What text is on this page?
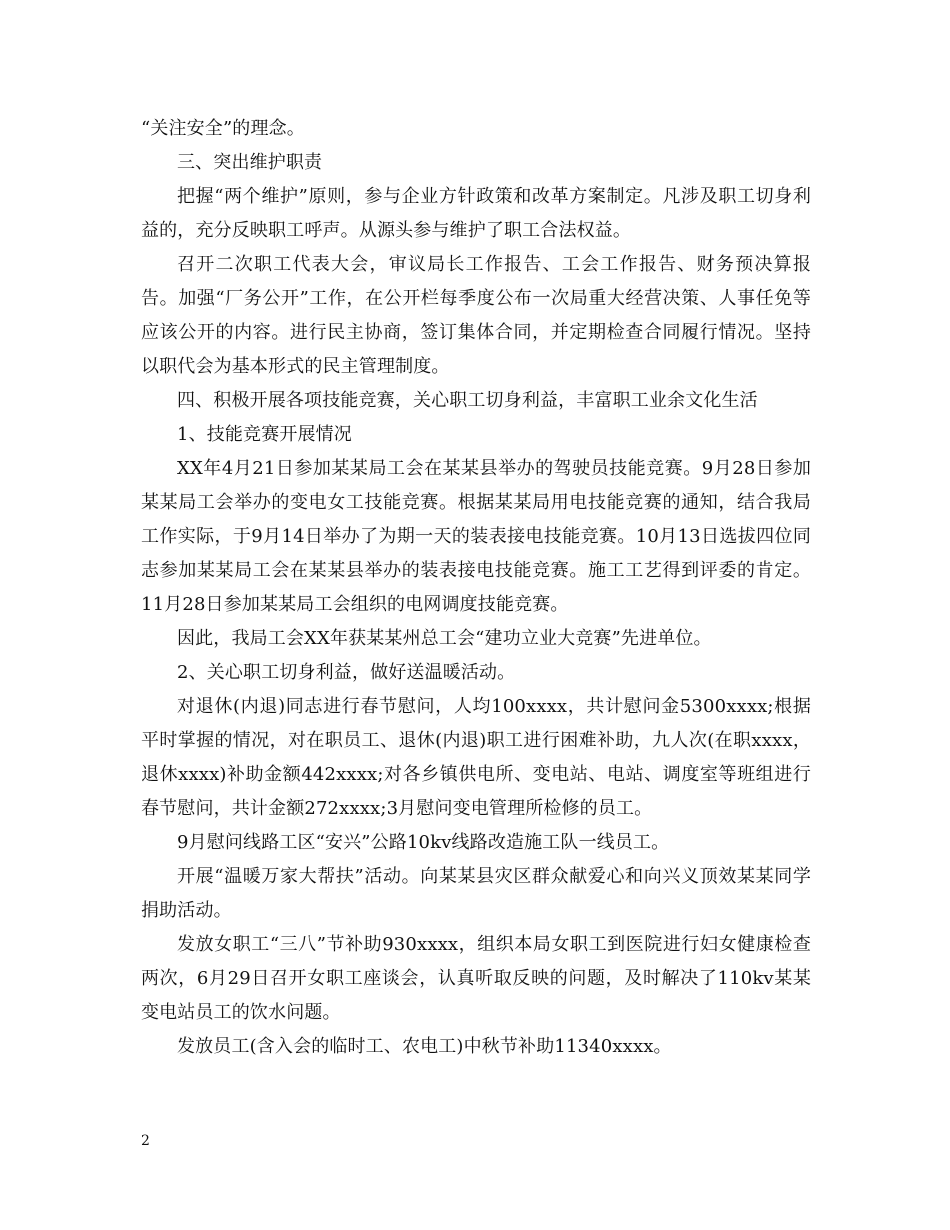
“关注安全”的理念。

三、突出维护职责

把握“两个维护”原则，参与企业方针政策和改革方案制定。凡涉及职工切身利益的，充分反映职工呼声。从源头参与维护了职工合法权益。

召开二次职工代表大会，审议局长工作报告、工会工作报告、财务预决算报告。加强“厂务公开”工作，在公开栏每季度公布一次局重大经营决策、人事任免等应该公开的内容。进行民主协商，签订集体合同，并定期检查合同履行情况。坚持以职代会为基本形式的民主管理制度。

四、积极开展各项技能竞赛，关心职工切身利益，丰富职工业余文化生活

1、技能竞赛开展情况

XX年4月21日参加某某局工会在某某县举办的驾驶员技能竞赛。9月28日参加某某局工会举办的变电女工技能竞赛。根据某某局用电技能竞赛的通知，结合我局工作实际，于9月14日举办了为期一天的装表接电技能竞赛。10月13日选拔四位同志参加某某局工会在某某县举办的装表接电技能竞赛。施工工艺得到评委的肯定。11月28日参加某某局工会组织的电网调度技能竞赛。

因此，我局工会XX年获某某州总工会“建功立业大竞赛”先进单位。

2、关心职工切身利益，做好送温暖活动。

对退休(内退)同志进行春节慰问，人均100xxxx，共计慰问金5300xxxx;根据平时掌握的情况，对在职员工、退休(内退)职工进行困难补助，九人次(在职xxxx，退休xxxx)补助金额442xxxx;对各乡镇供电所、变电站、电站、调度室等班组进行春节慰问，共计金额272xxxx;3月慰问变电管理所检修的员工。

9月慰问线路工区“安兴”公路10kv线路改造施工队一线员工。

开展“温暖万家大帮扶”活动。向某某县灾区群众献爱心和向兴义顶效某某同学捐助活动。

发放女职工“三八”节补助930xxxx，组织本局女职工到医院进行妇女健康检查两次，6月29日召开女职工座谈会，认真听取反映的问题，及时解决了110kv某某变电站员工的饮水问题。

发放员工(含入会的临时工、农电工)中秋节补助11340xxxx。

2
